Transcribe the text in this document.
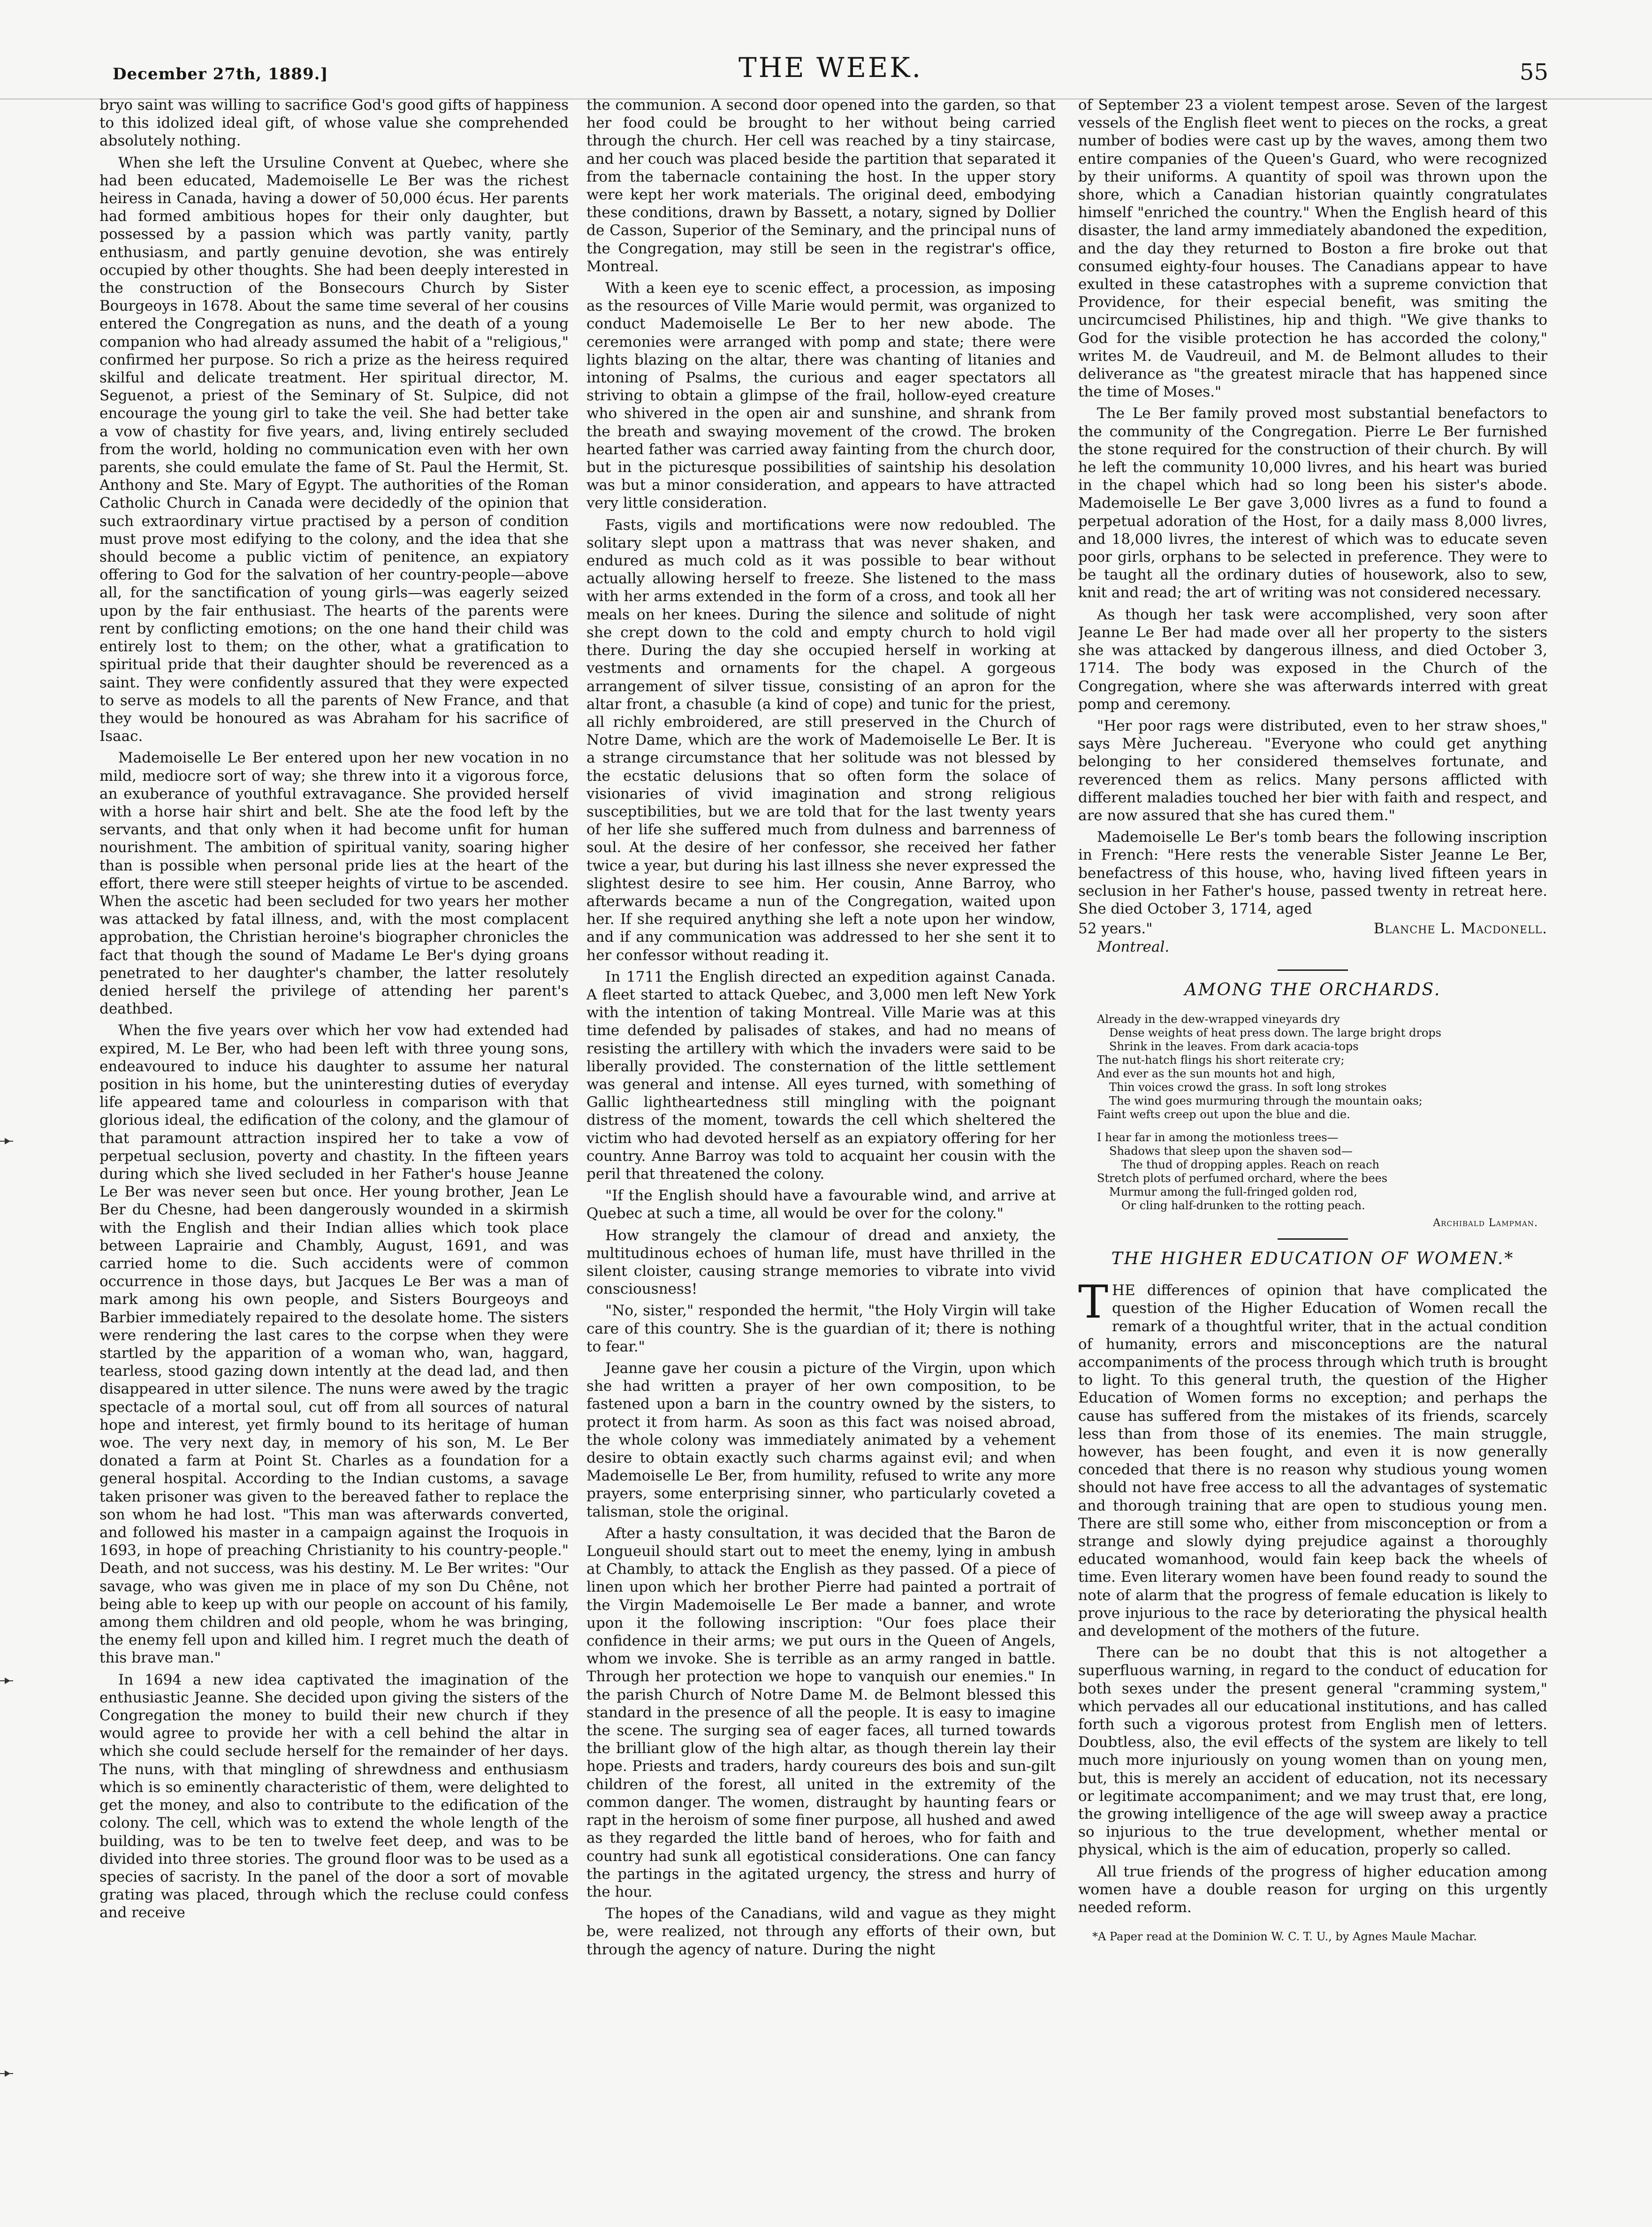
December 27th, 1889.]	THE WEEK.	55

bryo saint was willing to sacrifice God's good gifts of happiness to this idolized ideal gift, of whose value she comprehended absolutely nothing.

When she left the Ursuline Convent at Quebec, where she had been educated, Mademoiselle Le Ber was the richest heiress in Canada, having a dower of 50,000 écus. Her parents had formed ambitious hopes for their only daughter, but possessed by a passion which was partly vanity, partly enthusiasm, and partly genuine devotion, she was entirely occupied by other thoughts. She had been deeply interested in the construction of the Bonsecours Church by Sister Bourgeoys in 1678. About the same time several of her cousins entered the Congregation as nuns, and the death of a young companion who had already assumed the habit of a "religious," confirmed her purpose. So rich a prize as the heiress required skilful and delicate treatment. Her spiritual director, M. Seguenot, a priest of the Seminary of St. Sulpice, did not encourage the young girl to take the veil. She had better take a vow of chastity for five years, and, living entirely secluded from the world, holding no communication even with her own parents, she could emulate the fame of St. Paul the Hermit, St. Anthony and Ste. Mary of Egypt. The authorities of the Roman Catholic Church in Canada were decidedly of the opinion that such extraordinary virtue practised by a person of condition must prove most edifying to the colony, and the idea that she should become a public victim of penitence, an expiatory offering to God for the salvation of her country-people—above all, for the sanctification of young girls—was eagerly seized upon by the fair enthusiast. The hearts of the parents were rent by conflicting emotions; on the one hand their child was entirely lost to them; on the other, what a gratification to spiritual pride that their daughter should be reverenced as a saint. They were confidently assured that they were expected to serve as models to all the parents of New France, and that they would be honoured as was Abraham for his sacrifice of Isaac.

Mademoiselle Le Ber entered upon her new vocation in no mild, mediocre sort of way; she threw into it a vigorous force, an exuberance of youthful extravagance. She provided herself with a horse hair shirt and belt. She ate the food left by the servants, and that only when it had become unfit for human nourishment. The ambition of spiritual vanity, soaring higher than is possible when personal pride lies at the heart of the effort, there were still steeper heights of virtue to be ascended. When the ascetic had been secluded for two years her mother was attacked by fatal illness, and, with the most complacent approbation, the Christian heroine's biographer chronicles the fact that though the sound of Madame Le Ber's dying groans penetrated to her daughter's chamber, the latter resolutely denied herself the privilege of attending her parent's deathbed.

When the five years over which her vow had extended had expired, M. Le Ber, who had been left with three young sons, endeavoured to induce his daughter to assume her natural position in his home, but the uninteresting duties of everyday life appeared tame and colourless in comparison with that glorious ideal, the edification of the colony, and the glamour of that paramount attraction inspired her to take a vow of perpetual seclusion, poverty and chastity. In the fifteen years during which she lived secluded in her Father's house Jeanne Le Ber was never seen but once. Her young brother, Jean Le Ber du Chesne, had been dangerously wounded in a skirmish with the English and their Indian allies which took place between Laprairie and Chambly, August, 1691, and was carried home to die. Such accidents were of common occurrence in those days, but Jacques Le Ber was a man of mark among his own people, and Sisters Bourgeoys and Barbier immediately repaired to the desolate home. The sisters were rendering the last cares to the corpse when they were startled by the apparition of a woman who, wan, haggard, tearless, stood gazing down intently at the dead lad, and then disappeared in utter silence. The nuns were awed by the tragic spectacle of a mortal soul, cut off from all sources of natural hope and interest, yet firmly bound to its heritage of human woe. The very next day, in memory of his son, M. Le Ber donated a farm at Point St. Charles as a foundation for a general hospital. According to the Indian customs, a savage taken prisoner was given to the bereaved father to replace the son whom he had lost. "This man was afterwards converted, and followed his master in a campaign against the Iroquois in 1693, in hope of preaching Christianity to his country-people." Death, and not success, was his destiny. M. Le Ber writes: "Our savage, who was given me in place of my son Du Chêne, not being able to keep up with our people on account of his family, among them children and old people, whom he was bringing, the enemy fell upon and killed him. I regret much the death of this brave man."

In 1694 a new idea captivated the imagination of the enthusiastic Jeanne. She decided upon giving the sisters of the Congregation the money to build their new church if they would agree to provide her with a cell behind the altar in which she could seclude herself for the remainder of her days. The nuns, with that mingling of shrewdness and enthusiasm which is so eminently characteristic of them, were delighted to get the money, and also to contribute to the edification of the colony. The cell, which was to extend the whole length of the building, was to be ten to twelve feet deep, and was to be divided into three stories. The ground floor was to be used as a species of sacristy. In the panel of the door a sort of movable grating was placed, through which the recluse could confess and receive

the communion. A second door opened into the garden, so that her food could be brought to her without being carried through the church. Her cell was reached by a tiny staircase, and her couch was placed beside the partition that separated it from the tabernacle containing the host. In the upper story were kept her work materials. The original deed, embodying these conditions, drawn by Bassett, a notary, signed by Dollier de Casson, Superior of the Seminary, and the principal nuns of the Congregation, may still be seen in the registrar's office, Montreal.

With a keen eye to scenic effect, a procession, as imposing as the resources of Ville Marie would permit, was organized to conduct Mademoiselle Le Ber to her new abode. The ceremonies were arranged with pomp and state; there were lights blazing on the altar, there was chanting of litanies and intoning of Psalms, the curious and eager spectators all striving to obtain a glimpse of the frail, hollow-eyed creature who shivered in the open air and sunshine, and shrank from the breath and swaying movement of the crowd. The broken hearted father was carried away fainting from the church door, but in the picturesque possibilities of saintship his desolation was but a minor consideration, and appears to have attracted very little consideration.

Fasts, vigils and mortifications were now redoubled. The solitary slept upon a mattrass that was never shaken, and endured as much cold as it was possible to bear without actually allowing herself to freeze. She listened to the mass with her arms extended in the form of a cross, and took all her meals on her knees. During the silence and solitude of night she crept down to the cold and empty church to hold vigil there. During the day she occupied herself in working at vestments and ornaments for the chapel. A gorgeous arrangement of silver tissue, consisting of an apron for the altar front, a chasuble (a kind of cope) and tunic for the priest, all richly embroidered, are still preserved in the Church of Notre Dame, which are the work of Mademoiselle Le Ber. It is a strange circumstance that her solitude was not blessed by the ecstatic delusions that so often form the solace of visionaries of vivid imagination and strong religious susceptibilities, but we are told that for the last twenty years of her life she suffered much from dulness and barrenness of soul. At the desire of her confessor, she received her father twice a year, but during his last illness she never expressed the slightest desire to see him. Her cousin, Anne Barroy, who afterwards became a nun of the Congregation, waited upon her. If she required anything she left a note upon her window, and if any communication was addressed to her she sent it to her confessor without reading it.

In 1711 the English directed an expedition against Canada. A fleet started to attack Quebec, and 3,000 men left New York with the intention of taking Montreal. Ville Marie was at this time defended by palisades of stakes, and had no means of resisting the artillery with which the invaders were said to be liberally provided. The consternation of the little settlement was general and intense. All eyes turned, with something of Gallic lightheartedness still mingling with the poignant distress of the moment, towards the cell which sheltered the victim who had devoted herself as an expiatory offering for her country. Anne Barroy was told to acquaint her cousin with the peril that threatened the colony.

"If the English should have a favourable wind, and arrive at Quebec at such a time, all would be over for the colony."

How strangely the clamour of dread and anxiety, the multitudinous echoes of human life, must have thrilled in the silent cloister, causing strange memories to vibrate into vivid consciousness!

"No, sister," responded the hermit, "the Holy Virgin will take care of this country. She is the guardian of it; there is nothing to fear."

Jeanne gave her cousin a picture of the Virgin, upon which she had written a prayer of her own composition, to be fastened upon a barn in the country owned by the sisters, to protect it from harm. As soon as this fact was noised abroad, the whole colony was immediately animated by a vehement desire to obtain exactly such charms against evil; and when Mademoiselle Le Ber, from humility, refused to write any more prayers, some enterprising sinner, who particularly coveted a talisman, stole the original.

After a hasty consultation, it was decided that the Baron de Longueuil should start out to meet the enemy, lying in ambush at Chambly, to attack the English as they passed. Of a piece of linen upon which her brother Pierre had painted a portrait of the Virgin Mademoiselle Le Ber made a banner, and wrote upon it the following inscription: "Our foes place their confidence in their arms; we put ours in the Queen of Angels, whom we invoke. She is terrible as an army ranged in battle. Through her protection we hope to vanquish our enemies." In the parish Church of Notre Dame M. de Belmont blessed this standard in the presence of all the people. It is easy to imagine the scene. The surging sea of eager faces, all turned towards the brilliant glow of the high altar, as though therein lay their hope. Priests and traders, hardy coureurs des bois and sun-gilt children of the forest, all united in the extremity of the common danger. The women, distraught by haunting fears or rapt in the heroism of some finer purpose, all hushed and awed as they regarded the little band of heroes, who for faith and country had sunk all egotistical considerations. One can fancy the partings in the agitated urgency, the stress and hurry of the hour.

The hopes of the Canadians, wild and vague as they might be, were realized, not through any efforts of their own, but through the agency of nature. During the night

of September 23 a violent tempest arose. Seven of the largest vessels of the English fleet went to pieces on the rocks, a great number of bodies were cast up by the waves, among them two entire companies of the Queen's Guard, who were recognized by their uniforms. A quantity of spoil was thrown upon the shore, which a Canadian historian quaintly congratulates himself "enriched the country." When the English heard of this disaster, the land army immediately abandoned the expedition, and the day they returned to Boston a fire broke out that consumed eighty-four houses. The Canadians appear to have exulted in these catastrophes with a supreme conviction that Providence, for their especial benefit, was smiting the uncircumcised Philistines, hip and thigh. "We give thanks to God for the visible protection he has accorded the colony," writes M. de Vaudreuil, and M. de Belmont alludes to their deliverance as "the greatest miracle that has happened since the time of Moses."

The Le Ber family proved most substantial benefactors to the community of the Congregation. Pierre Le Ber furnished the stone required for the construction of their church. By will he left the community 10,000 livres, and his heart was buried in the chapel which had so long been his sister's abode. Mademoiselle Le Ber gave 3,000 livres as a fund to found a perpetual adoration of the Host, for a daily mass 8,000 livres, and 18,000 livres, the interest of which was to educate seven poor girls, orphans to be selected in preference. They were to be taught all the ordinary duties of housework, also to sew, knit and read; the art of writing was not considered necessary.

As though her task were accomplished, very soon after Jeanne Le Ber had made over all her property to the sisters she was attacked by dangerous illness, and died October 3, 1714. The body was exposed in the Church of the Congregation, where she was afterwards interred with great pomp and ceremony.

"Her poor rags were distributed, even to her straw shoes," says Mère Juchereau. "Everyone who could get anything belonging to her considered themselves fortunate, and reverenced them as relics. Many persons afflicted with different maladies touched her bier with faith and respect, and are now assured that she has cured them."

Mademoiselle Le Ber's tomb bears the following inscription in French: "Here rests the venerable Sister Jeanne Le Ber, benefactress of this house, who, having lived fifteen years in seclusion in her Father's house, passed twenty in retreat here. She died October 3, 1714, aged

52 years."	Blanche L. Macdonell.
Montreal.
AMONG THE ORCHARDS.
Already in the dew-wrapped vineyards dry
Dense weights of heat press down. The large bright drops
Shrink in the leaves. From dark acacia-tops
The nut-hatch flings his short reiterate cry;
And ever as the sun mounts hot and high,
Thin voices crowd the grass. In soft long strokes
The wind goes murmuring through the mountain oaks;
Faint wefts creep out upon the blue and die.
I hear far in among the motionless trees—
Shadows that sleep upon the shaven sod—
The thud of dropping apples. Reach on reach
Stretch plots of perfumed orchard, where the bees
Murmur among the full-fringed golden rod,
Or cling half-drunken to the rotting peach.
Archibald Lampman.
THE HIGHER EDUCATION OF WOMEN.*

THE differences of opinion that have complicated the question of the Higher Education of Women recall the remark of a thoughtful writer, that in the actual condition of humanity, errors and misconceptions are the natural accompaniments of the process through which truth is brought to light. To this general truth, the question of the Higher Education of Women forms no exception; and perhaps the cause has suffered from the mistakes of its friends, scarcely less than from those of its enemies. The main struggle, however, has been fought, and even it is now generally conceded that there is no reason why studious young women should not have free access to all the advantages of systematic and thorough training that are open to studious young men. There are still some who, either from misconception or from a strange and slowly dying prejudice against a thoroughly educated womanhood, would fain keep back the wheels of time. Even literary women have been found ready to sound the note of alarm that the progress of female education is likely to prove injurious to the race by deteriorating the physical health and development of the mothers of the future.

There can be no doubt that this is not altogether a superfluous warning, in regard to the conduct of education for both sexes under the present general "cramming system," which pervades all our educational institutions, and has called forth such a vigorous protest from English men of letters. Doubtless, also, the evil effects of the system are likely to tell much more injuriously on young women than on young men, but, this is merely an accident of education, not its necessary or legitimate accompaniment; and we may trust that, ere long, the growing intelligence of the age will sweep away a practice so injurious to the true development, whether mental or physical, which is the aim of education, properly so called.

All true friends of the progress of higher education among women have a double reason for urging on this urgently needed reform.

*A Paper read at the Dominion W. C. T. U., by Agnes Maule Machar.
